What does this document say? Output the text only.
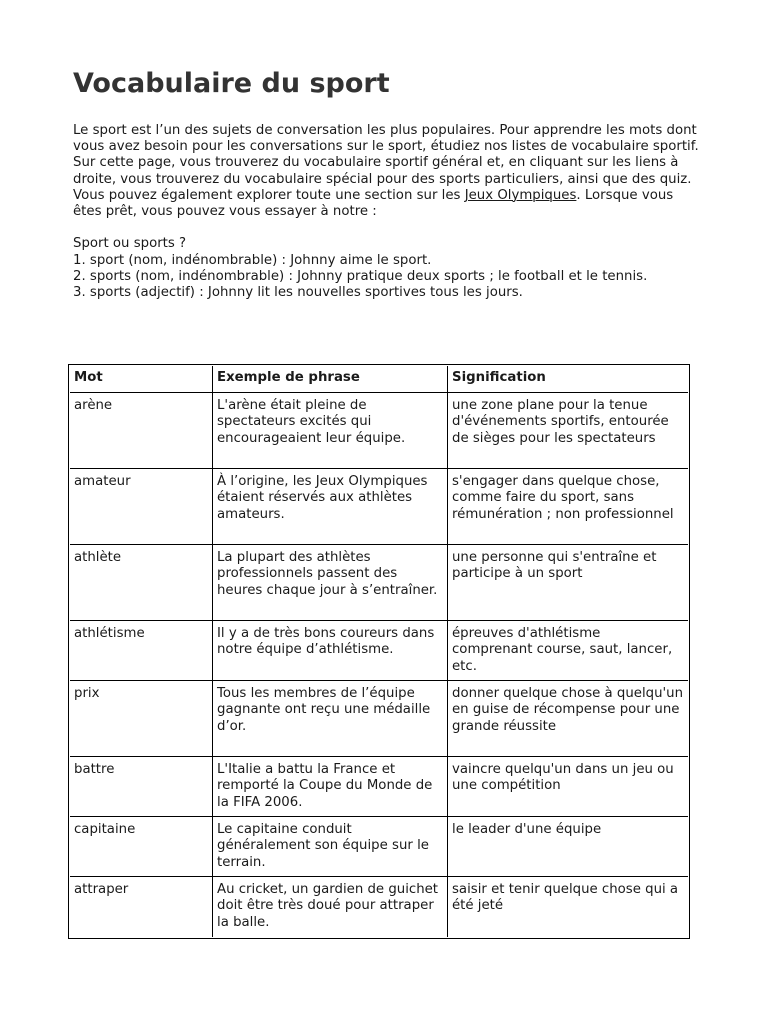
Vocabulaire du sport

Le sport est l’un des sujets de conversation les plus populaires. Pour apprendre les mots dont vous avez besoin pour les conversations sur le sport, étudiez nos listes de vocabulaire sportif. Sur cette page, vous trouverez du vocabulaire sportif général et, en cliquant sur les liens à droite, vous trouverez du vocabulaire spécial pour des sports particuliers, ainsi que des quiz. Vous pouvez également explorer toute une section sur les Jeux Olympiques. Lorsque vous êtes prêt, vous pouvez vous essayer à notre :

Sport ou sports ?
1. sport (nom, indénombrable) : Johnny aime le sport.
2. sports (nom, indénombrable) : Johnny pratique deux sports ; le football et le tennis.
3. sports (adjectif) : Johnny lit les nouvelles sportives tous les jours.
Mot	Exemple de phrase	Signification
arène	L'arène était pleine de spectateurs excités qui encourageaient leur équipe.	une zone plane pour la tenue d'événements sportifs, entourée de sièges pour les spectateurs
amateur	À l’origine, les Jeux Olympiques étaient réservés aux athlètes amateurs.	s'engager dans quelque chose, comme faire du sport, sans rémunération ; non professionnel
athlète	La plupart des athlètes professionnels passent des heures chaque jour à s’entraîner.	une personne qui s'entraîne et participe à un sport
athlétisme	Il y a de très bons coureurs dans notre équipe d’athlétisme.	épreuves d'athlétisme comprenant course, saut, lancer, etc.
prix	Tous les membres de l’équipe gagnante ont reçu une médaille d’or.	donner quelque chose à quelqu'un en guise de récompense pour une grande réussite
battre	L'Italie a battu la France et remporté la Coupe du Monde de la FIFA 2006.	vaincre quelqu'un dans un jeu ou une compétition
capitaine	Le capitaine conduit généralement son équipe sur le terrain.	le leader d'une équipe
attraper	Au cricket, un gardien de guichet doit être très doué pour attraper la balle.	saisir et tenir quelque chose qui a été jeté
